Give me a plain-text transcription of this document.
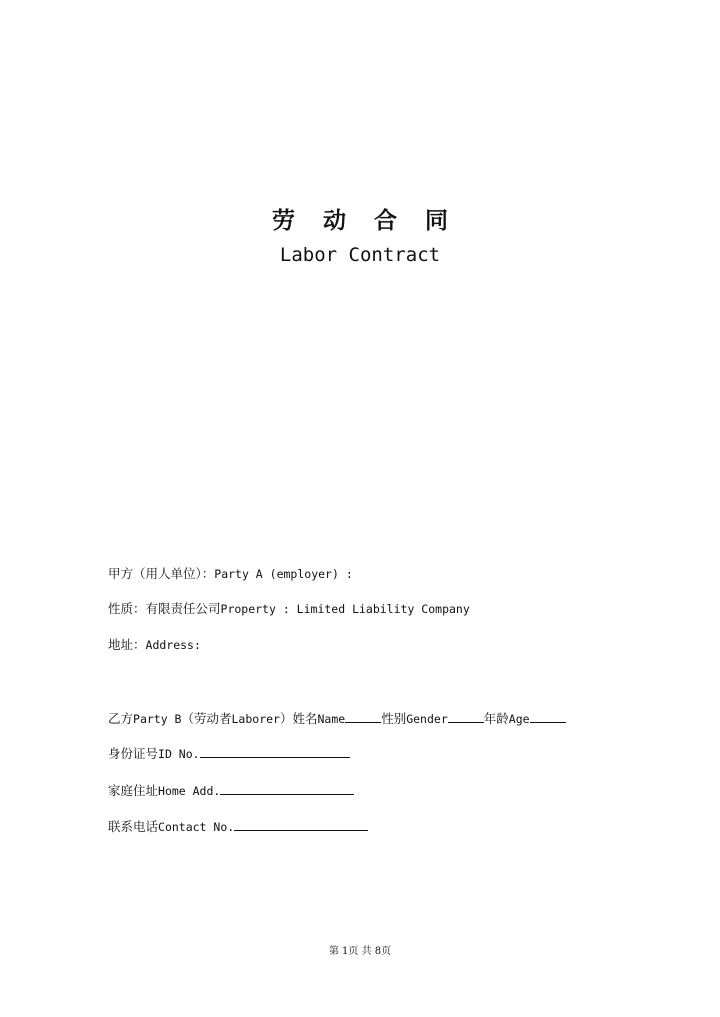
劳 动 合 同
Labor Contract
甲方（用人单位）：Party A (employer) :
性质：有限责任公司Property : Limited Liability Company
地址：Address:
乙方Party B（劳动者Laborer）姓名Name	性别Gender	年龄Age
身份证号ID No.
家庭住址Home Add.
联系电话Contact No.
第 1页 共 8页
